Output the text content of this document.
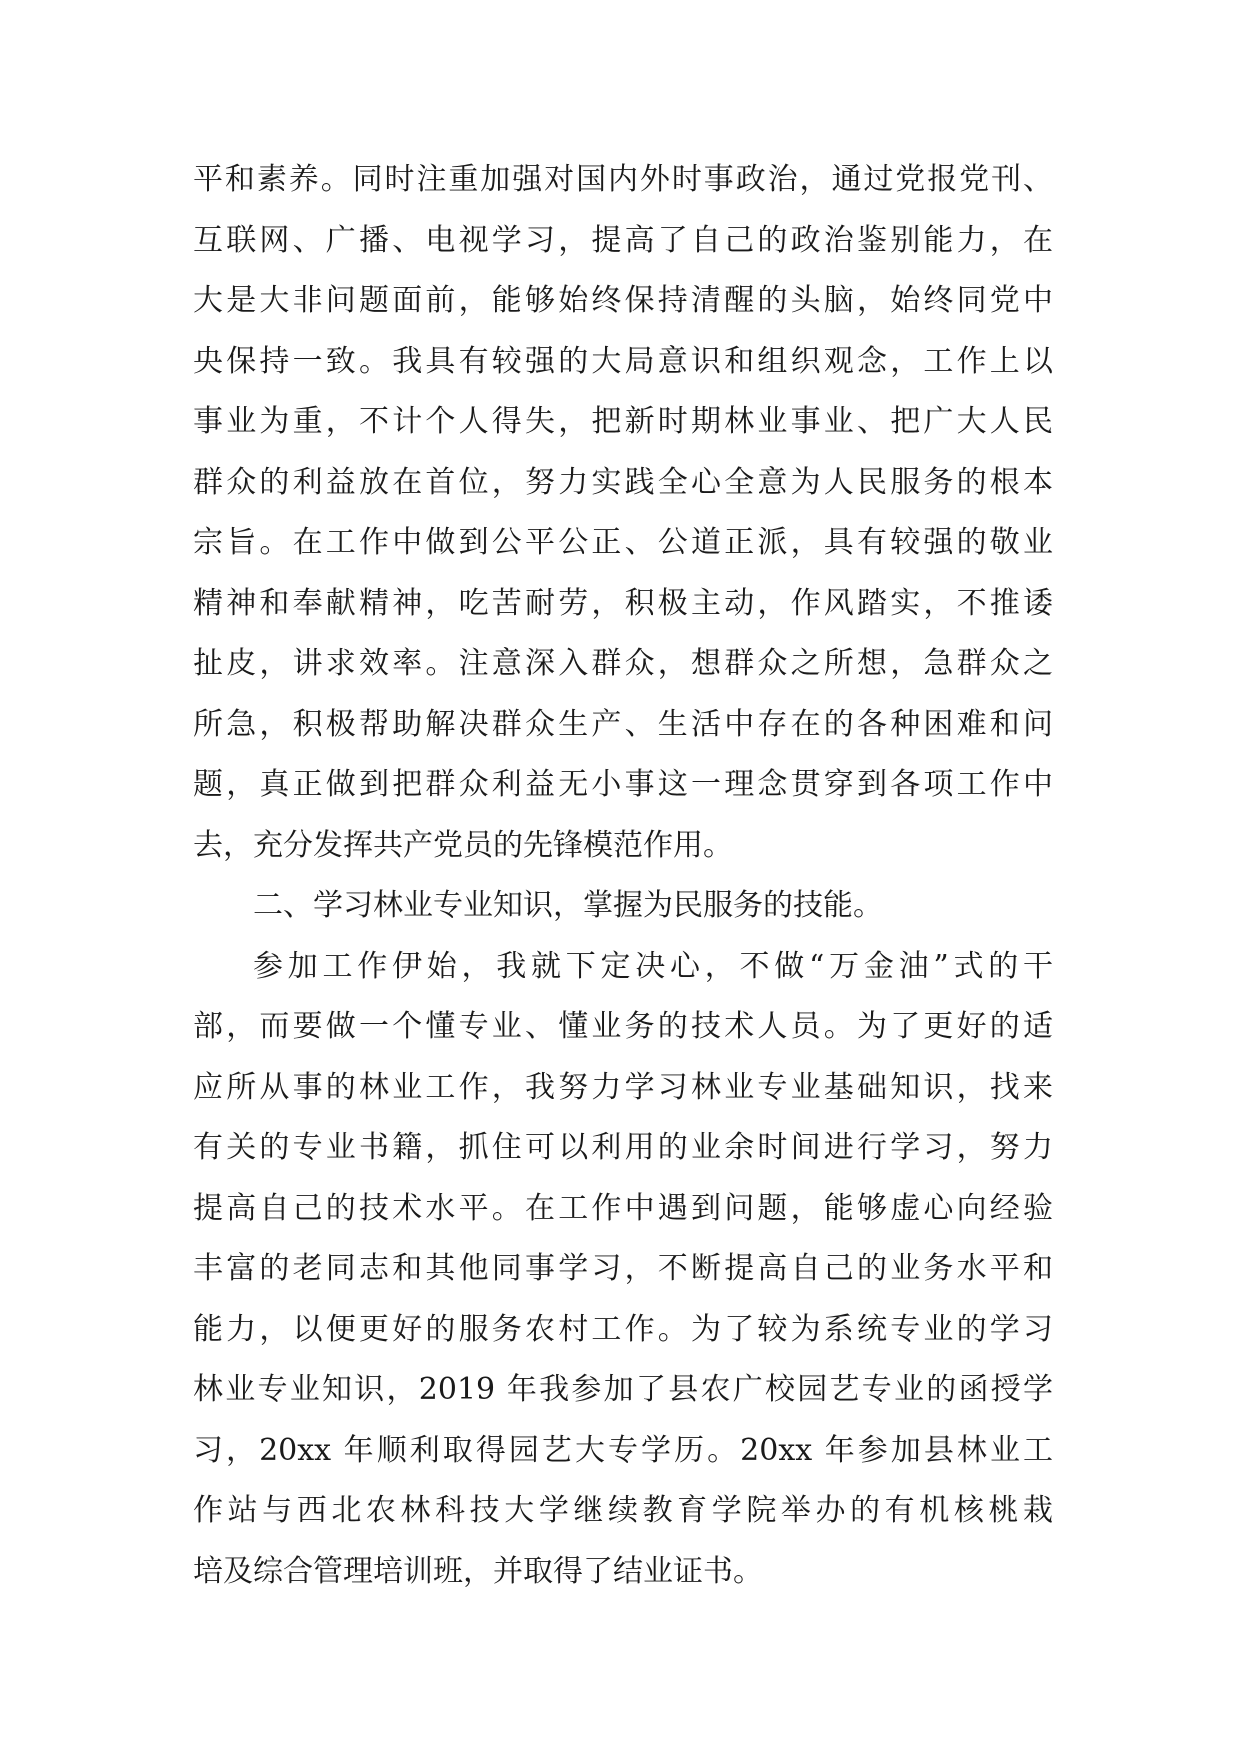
平和素养。同时注重加强对国内外时事政治，通过党报党刊、
互联网、广播、电视学习，提高了自己的政治鉴别能力，在
大是大非问题面前，能够始终保持清醒的头脑，始终同党中
央保持一致。我具有较强的大局意识和组织观念，工作上以
事业为重，不计个人得失，把新时期林业事业、把广大人民
群众的利益放在首位，努力实践全心全意为人民服务的根本
宗旨。在工作中做到公平公正、公道正派，具有较强的敬业
精神和奉献精神，吃苦耐劳，积极主动，作风踏实，不推诿
扯皮，讲求效率。注意深入群众，想群众之所想，急群众之
所急，积极帮助解决群众生产、生活中存在的各种困难和问
题，真正做到把群众利益无小事这一理念贯穿到各项工作中
去，充分发挥共产党员的先锋模范作用。
二、学习林业专业知识，掌握为民服务的技能。
参加工作伊始，我就下定决心，不做“万金油”式的干
部，而要做一个懂专业、懂业务的技术人员。为了更好的适
应所从事的林业工作，我努力学习林业专业基础知识，找来
有关的专业书籍，抓住可以利用的业余时间进行学习，努力
提高自己的技术水平。在工作中遇到问题，能够虚心向经验
丰富的老同志和其他同事学习，不断提高自己的业务水平和
能力，以便更好的服务农村工作。为了较为系统专业的学习
林业专业知识，2019 年我参加了县农广校园艺专业的函授学
习，20xx 年顺利取得园艺大专学历。20xx 年参加县林业工
作站与西北农林科技大学继续教育学院举办的有机核桃栽
培及综合管理培训班，并取得了结业证书。
